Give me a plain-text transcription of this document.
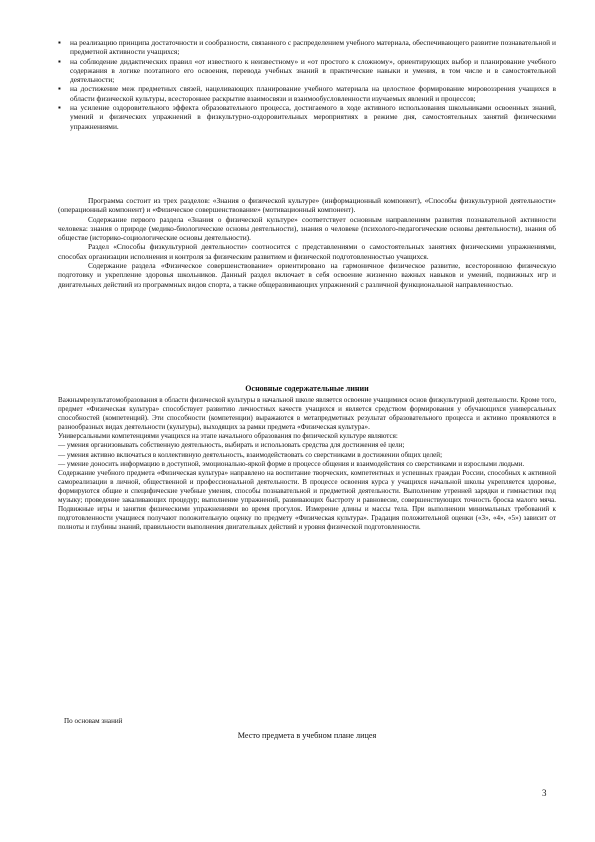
▪ на реализацию принципа достаточности и сообразности, связанного с распределением учебного материала, обеспечивающего развитие познавательной и предметной активности учащихся;
▪ на соблюдение дидактических правил «от известного к неизвестному» и «от простого к сложному», ориентирующих выбор и планирование учебного содержания в логике поэтапного его освоения, перевода учебных знаний в практические навыки и умения, в том числе и в самостоятельной деятельности;
▪ на достижение меж предметных связей, нацеливающих планирование учебного материала на целостное формирование мировоззрения учащихся в области физической культуры, всестороннее раскрытие взаимосвязи и взаимообусловленности изучаемых явлений и процессов;
▪ на усиление оздоровительного эффекта образовательного процесса, достигаемого в ходе активного использования школьниками освоенных знаний, умений и физических упражнений в физкультурно-оздоровительных мероприятиях в режиме дня, самостоятельных занятий физическими упражнениями.

Программа состоит из трех разделов: «Знания о физической культуре» (информационный компонент), «Способы физкультурной деятельности» (операционный компонент) и «Физическое совершенствование» (мотивационный компонент).

Содержание первого раздела «Знания о физической культуре» соответствует основным направлениям развития познавательной активности человека: знания о природе (медико-биологические основы деятельности), знания о человеке (психолого-педагогические основы деятельности), знания об обществе (историко-социологические основы деятельности).

Раздел «Способы физкультурной деятельности» соотносится с представлениями о самостоятельных занятиях физическими упражнениями, способах организации исполнения и контроля за физическим развитием и физической подготовленностью учащихся.

Содержание раздела «Физическое совершенствование» ориентировано на гармоничное физическое развитие, всестороннюю физическую подготовку и укрепление здоровья школьников. Данный раздел включает в себя освоение жизненно важных навыков и умений, подвижных игр и двигательных действий из программных видов спорта, а также общеразвивающих упражнений с различной функциональной направленностью.

Основные содержательные линии

Важнымрезультатомобразования в области физической культуры в начальной школе является освоение учащимися основ физкультурной деятельности. Кроме того, предмет «Физическая культура» способствует развитию личностных качеств учащихся и является средством формирования у обучающихся универсальных способностей (компетенций). Эти способности (компетенции) выражаются в метапредметных результат образовательного процесса и активно проявляются в разнообразных видах деятельности (культуры), выходящих за рамки предмета «Физическая культура».

Универсальными компетенциями учащихся на этапе начального образования по физической культуре являются:

— умения организовывать собственную деятельность, выбирать и использовать средства для достижения её цели;

— умения активно включаться в коллективную деятельность, взаимодействовать со сверстниками в достижении общих целей;

— умение доносить информацию в доступной, эмоционально-яркой форме в процессе общения и взаимодействия со сверстниками и взрослыми людьми.

Содержание учебного предмета «Физическая культура» направлено на воспитание творческих, компетентных и успешных граждан России, способных к активной самореализации в личной, общественной и профессиональной деятельности. В процессе освоения курса у учащихся начальной школы укрепляется здоровье, формируются общие и специфические учебные умения, способы познавательной и предметной деятельности. Выполнение утренней зарядки и гимнастики под музыку; проведение закаливающих процедур; выполнение упражнений, развивающих быстроту и равновесие, совершенствующих точность броска малого мяча. Подвижные игры и занятия физическими упражнениями во время прогулок. Измерение длины и массы тела. При выполнении минимальных требований к подготовленности учащиеся получают положительную оценку по предмету «Физическая культура». Градация положительной оценки («3», «4», «5») зависит от полноты и глубины знаний, правильности выполнения двигательных действий и уровня физической подготовленности.

По основам знаний
Место предмета в учебном плане лицея
3
